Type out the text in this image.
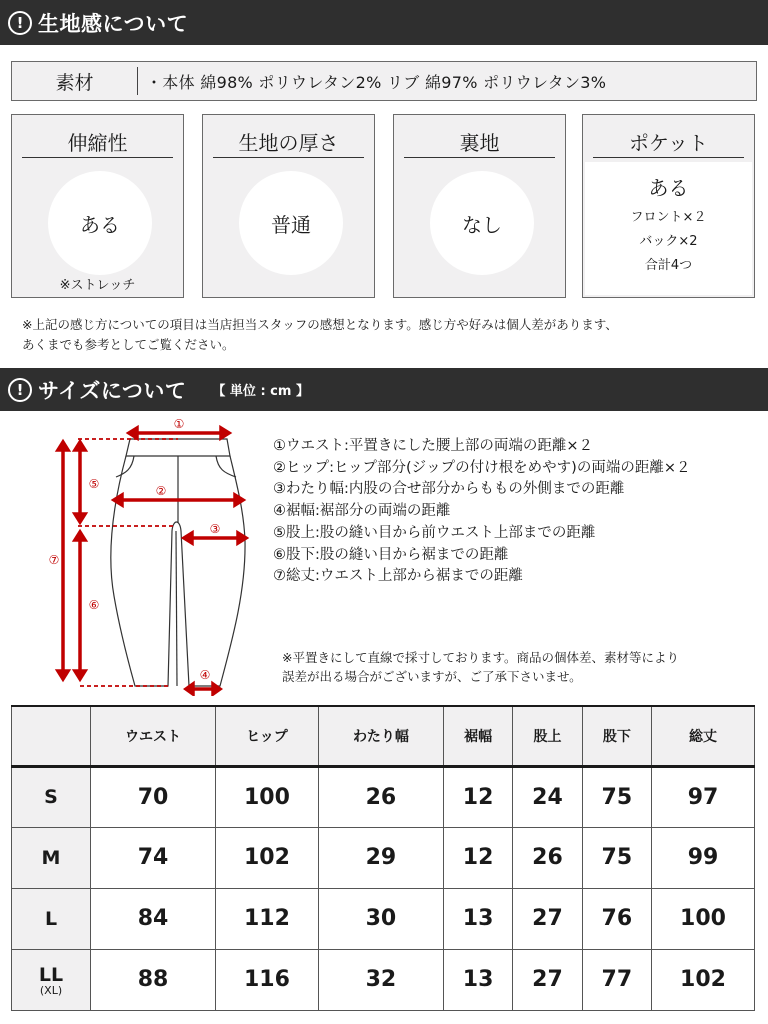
! 生地感について
素材	・本体 綿98% ポリウレタン2% リブ 綿97% ポリウレタン3%
伸縮性
ある
※ストレッチ
生地の厚さ
普通
裏地
なし
ポケット
ある
フロント×２
バック×2
合計4つ
※上記の感じ方についての項目は当店担当スタッフの感想となります。感じ方や好みは個人差があります、
あくまでも参考としてご覧ください。
! サイズについて 【 単位 : cm 】
①
②
③
④
⑤
⑥
⑦
①ウエスト:平置きにした腰上部の両端の距離×２
②ヒップ:ヒップ部分(ジップの付け根をめやす)の両端の距離×２
③わたり幅:内股の合せ部分からももの外側までの距離
④裾幅:裾部分の両端の距離
⑤股上:股の縫い目から前ウエスト上部までの距離
⑥股下:股の縫い目から裾までの距離
⑦総丈:ウエスト上部から裾までの距離
※平置きにして直線で採寸しております。商品の個体差、素材等により
誤差が出る場合がございますが、ご了承下さいませ。
	ウエスト	ヒップ	わたり幅	裾幅	股上	股下	総丈
S	70	100	26	12	24	75	97
M	74	102	29	12	26	75	99
L	84	112	30	13	27	76	100
LL
(XL)	88	116	32	13	27	77	102
